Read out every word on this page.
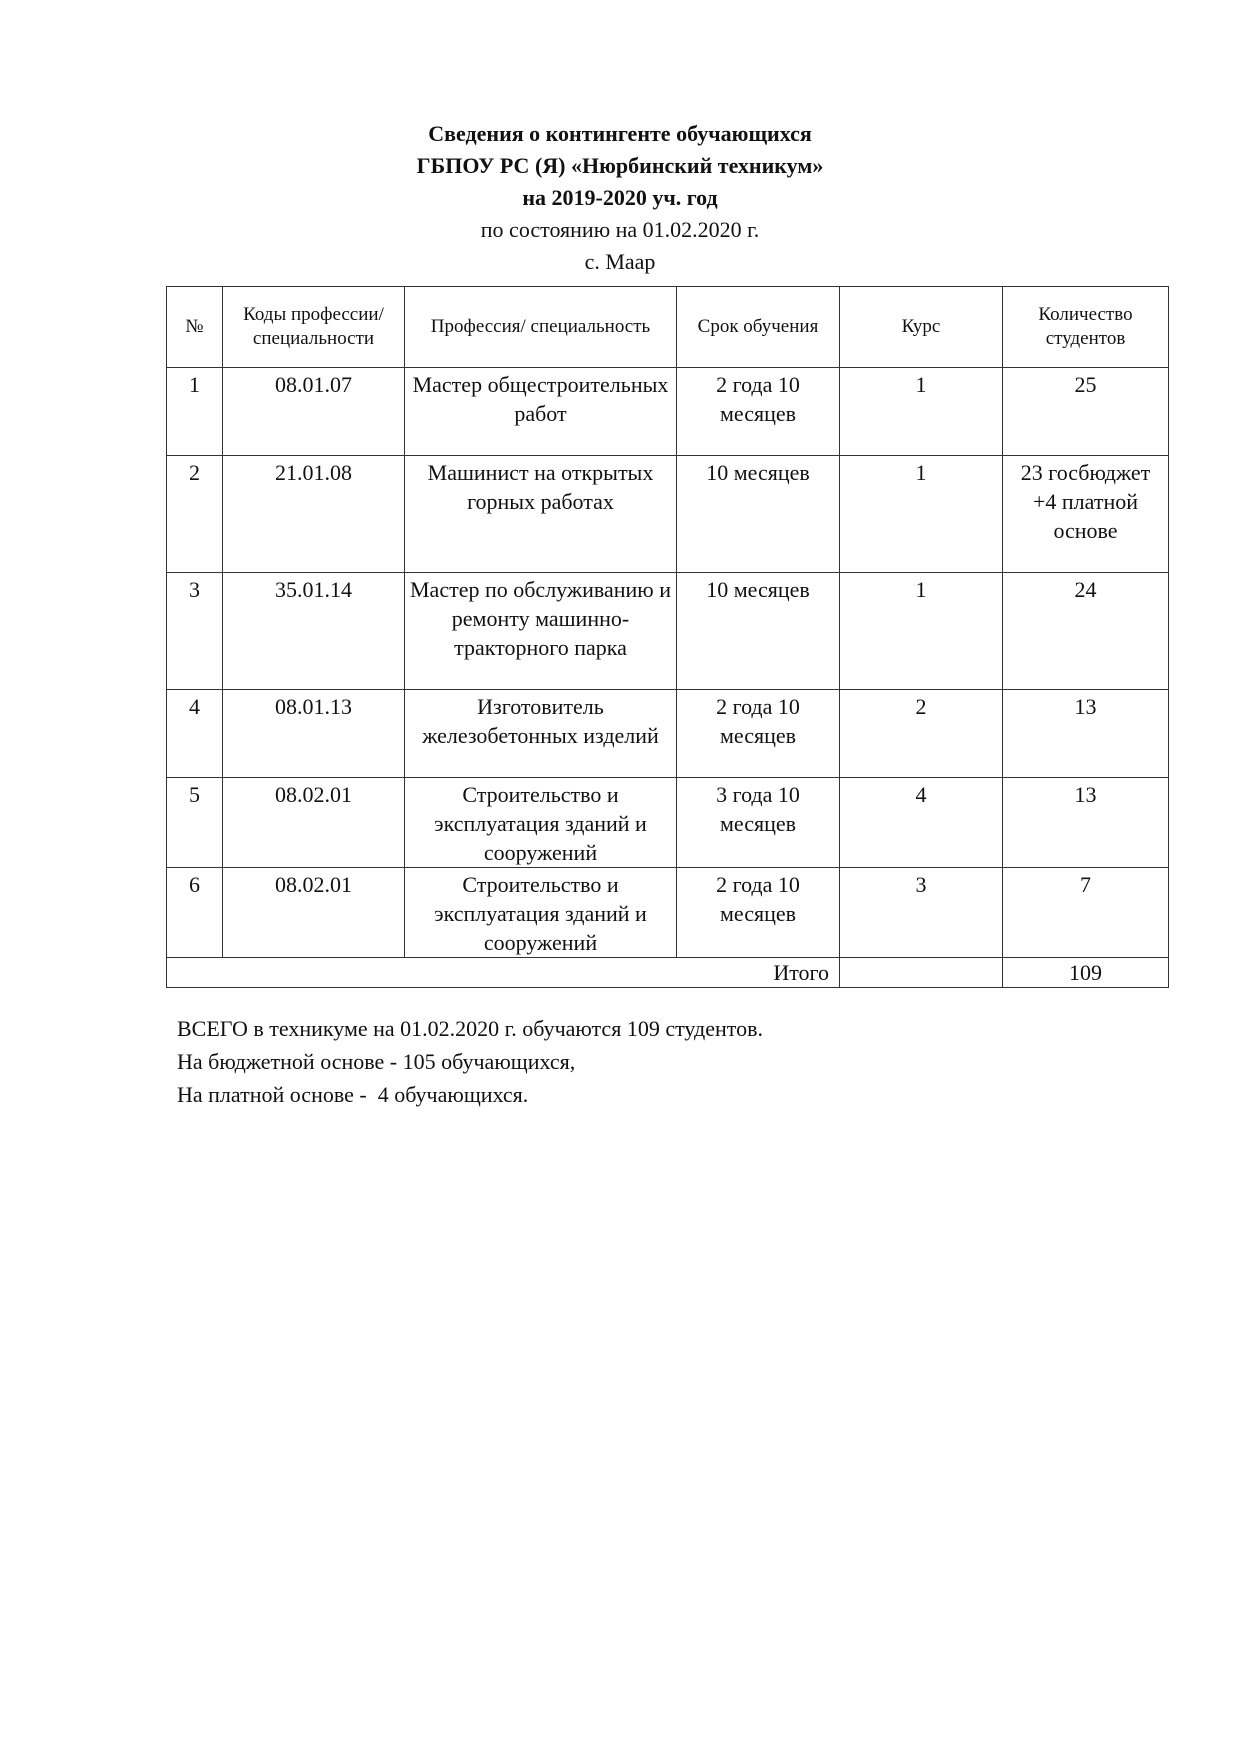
Сведения о контингенте обучающихся
ГБПОУ РС (Я) «Нюрбинский техникум»
на 2019-2020 уч. год
по состоянию на 01.02.2020 г.
с. Маар
№	Коды профессии/ специальности	Профессия/ специальность	Срок обучения	Курс	Количество студентов
1	08.01.07	Мастер общестроительных работ	2 года 10 месяцев	1	25
2	21.01.08	Машинист на открытых горных работах	10 месяцев	1	23 госбюджет +4 платной основе
3	35.01.14	Мастер по обслуживанию и ремонту машинно-тракторного парка	10 месяцев	1	24
4	08.01.13	Изготовитель железобетонных изделий	2 года 10 месяцев	2	13
5	08.02.01	Строительство и эксплуатация зданий и сооружений	3 года 10 месяцев	4	13
6	08.02.01	Строительство и эксплуатация зданий и сооружений	2 года 10 месяцев	3	7
Итого					109
ВСЕГО в техникуме на 01.02.2020 г. обучаются 109 студентов.
На бюджетной основе - 105 обучающихся,
На платной основе -  4 обучающихся.
